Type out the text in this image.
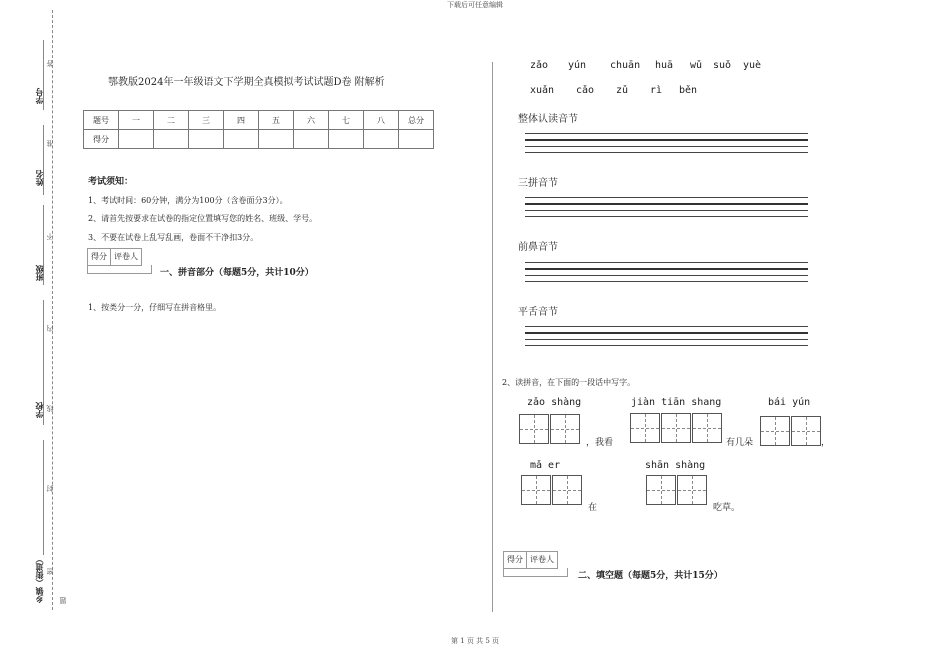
下载后可任意编辑
学号
姓名
班级
学校
乡镇（街道） 密
封
线
内
不
准
答
题
鄂教版2024年一年级语文下学期全真模拟考试试题D卷 附解析
题号	一	二	三	四	五	六	七	八	总分
得分									
考试须知：
1、考试时间：60分钟，满分为100分（含卷面分3分）。
2、请首先按要求在试卷的指定位置填写您的姓名、班级、学号。
3、不要在试卷上乱写乱画，卷面不干净扣3分。
得分 评卷人
一、拼音部分（每题5分，共计10分）
1、按类分一分，仔细写在拼音格里。
zǎo yún chuān huā wǔ suǒ yuè
xuǎn cǎo zǔ rì běn
整体认读音节
三拼音节
前鼻音节
平舌音节
2、读拼音，在下面的一段话中写字。
zǎo shàng	jiàn tiān shang	bái yún
，我看	有几朵	，
mǎ er	shān shàng
在	吃草。
得分 评卷人
二、填空题（每题5分，共计15分）
第 1 页 共 5 页
